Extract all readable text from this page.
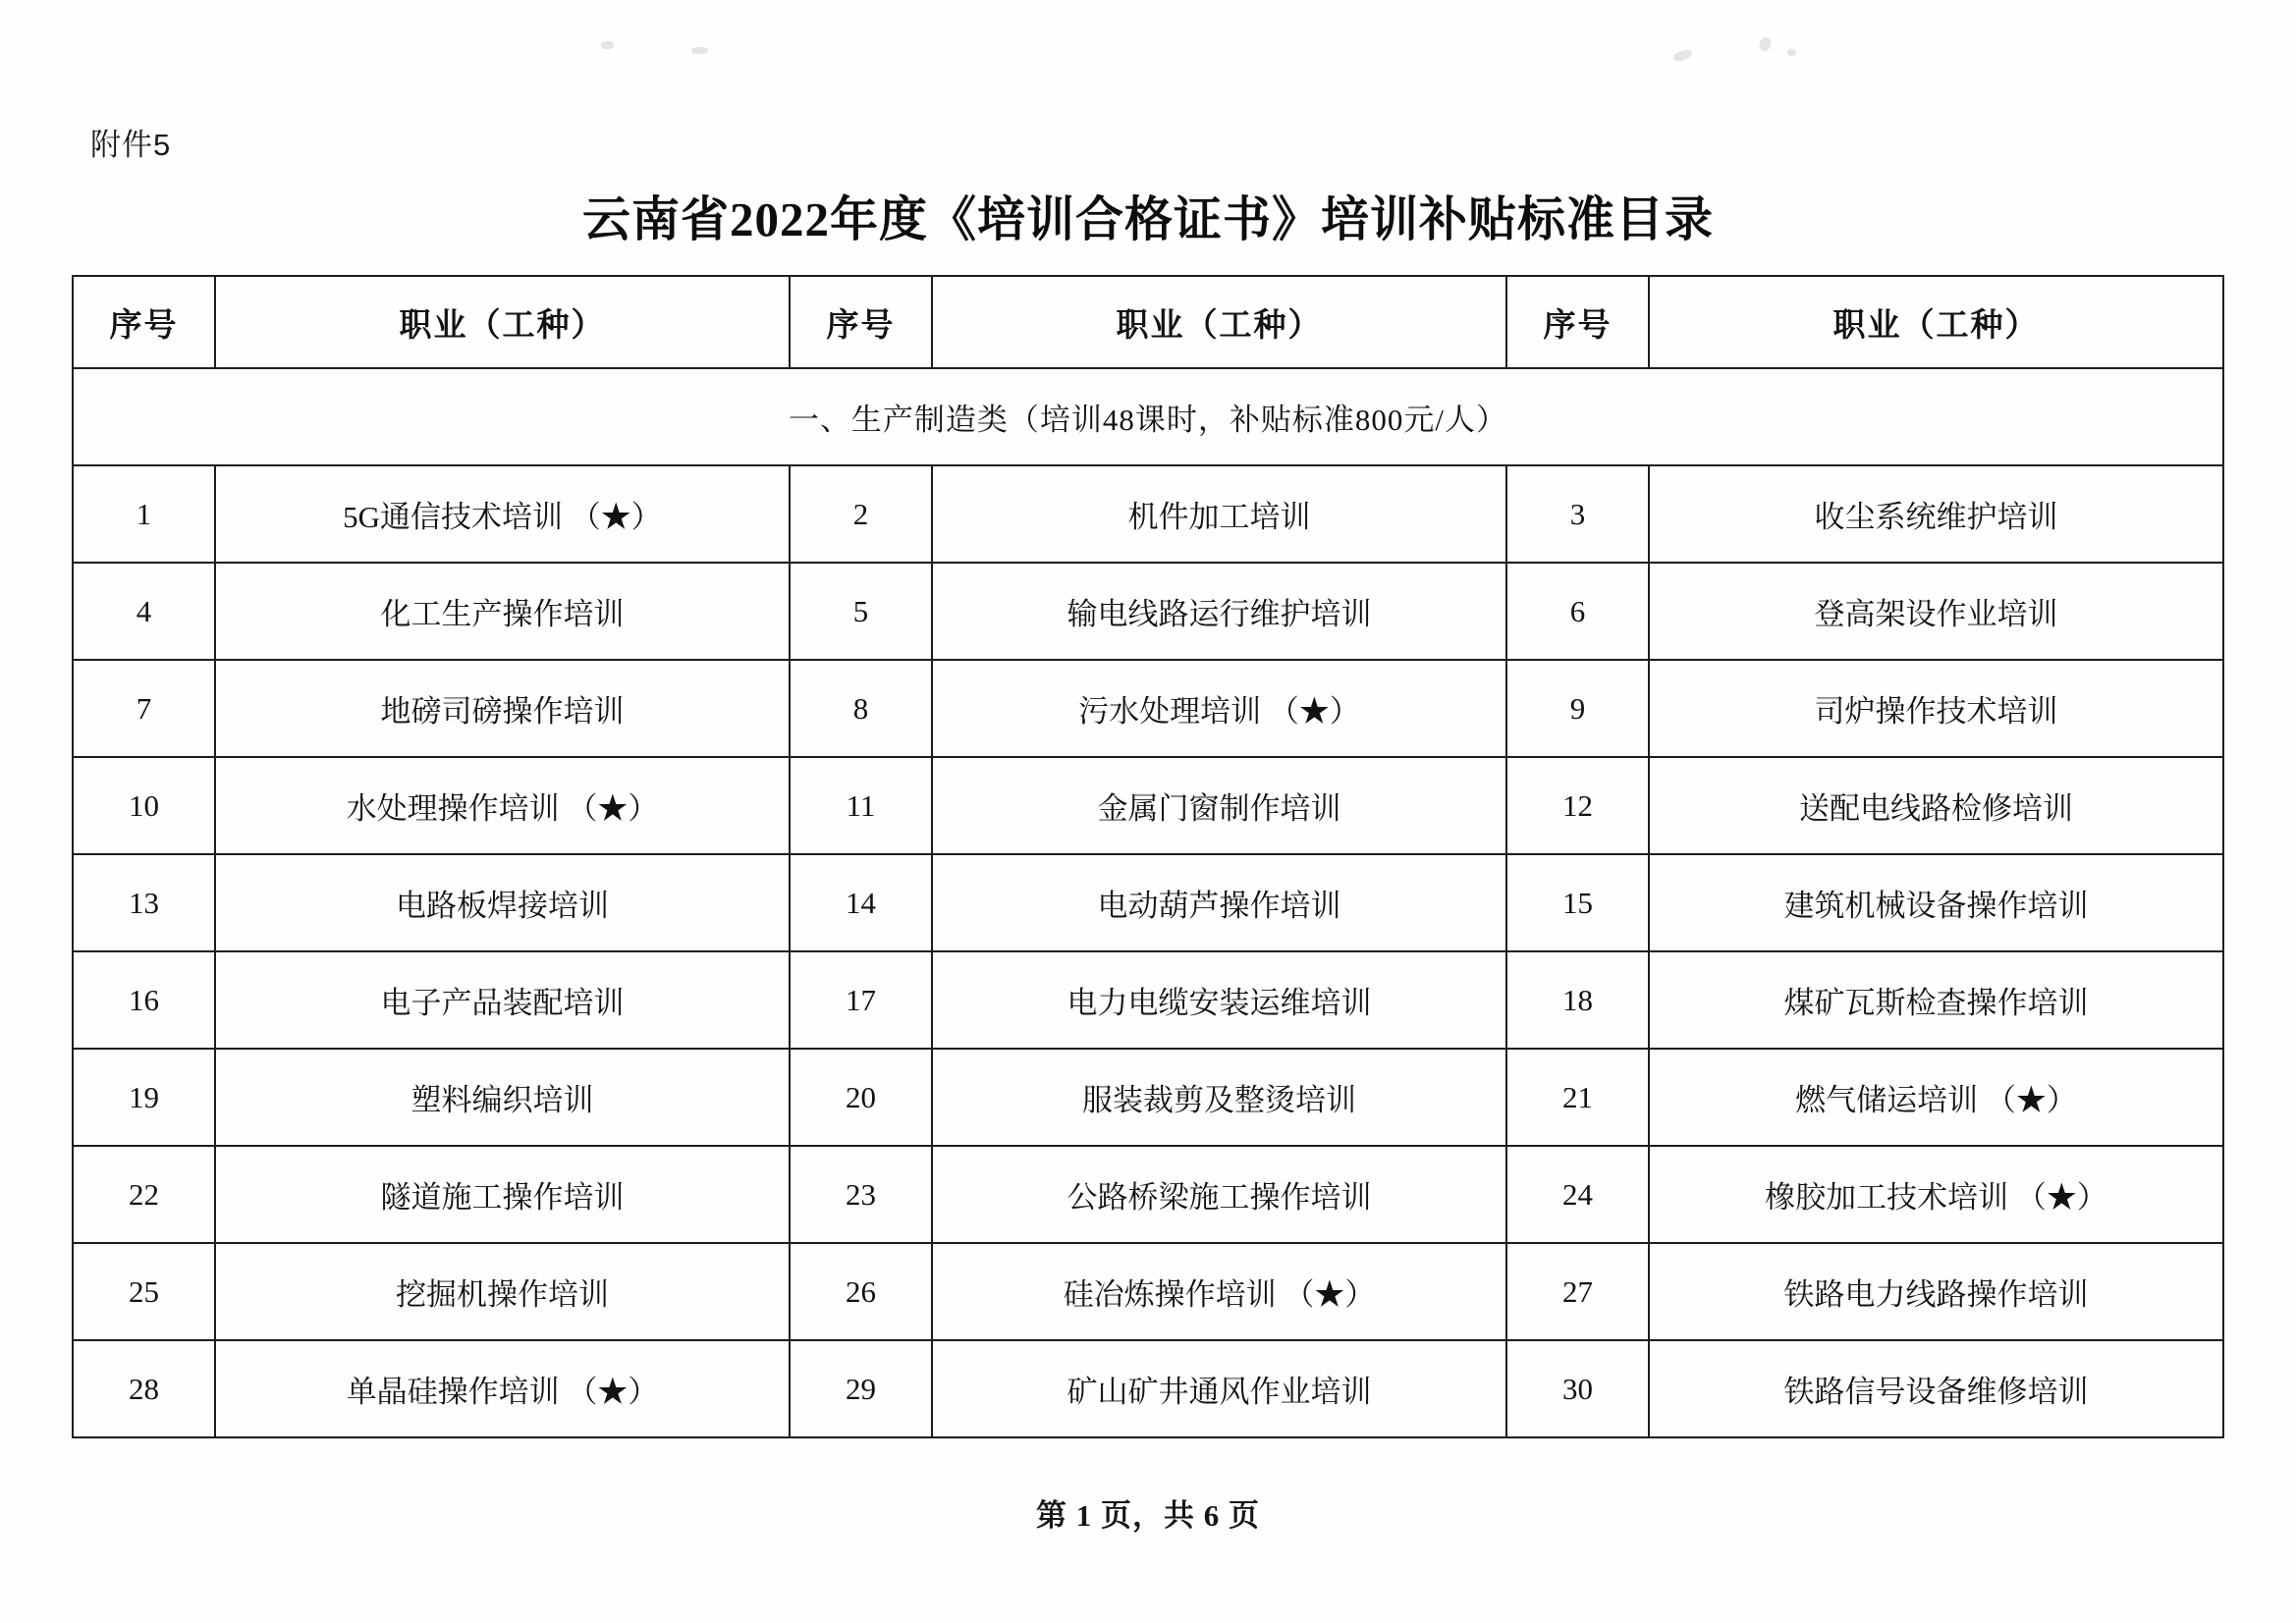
附件5
云南省2022年度《培训合格证书》培训补贴标准目录
序号	职业（工种）	序号	职业（工种）	序号	职业（工种）
一、生产制造类（培训48课时，补贴标准800元/人）					
1	5G通信技术培训 （★）	2	机件加工培训	3	收尘系统维护培训
4	化工生产操作培训	5	输电线路运行维护培训	6	登高架设作业培训
7	地磅司磅操作培训	8	污水处理培训 （★）	9	司炉操作技术培训
10	水处理操作培训 （★）	11	金属门窗制作培训	12	送配电线路检修培训
13	电路板焊接培训	14	电动葫芦操作培训	15	建筑机械设备操作培训
16	电子产品装配培训	17	电力电缆安装运维培训	18	煤矿瓦斯检查操作培训
19	塑料编织培训	20	服装裁剪及整烫培训	21	燃气储运培训 （★）
22	隧道施工操作培训	23	公路桥梁施工操作培训	24	橡胶加工技术培训 （★）
25	挖掘机操作培训	26	硅冶炼操作培训 （★）	27	铁路电力线路操作培训
28	单晶硅操作培训 （★）	29	矿山矿井通风作业培训	30	铁路信号设备维修培训
第 1 页，共 6 页
